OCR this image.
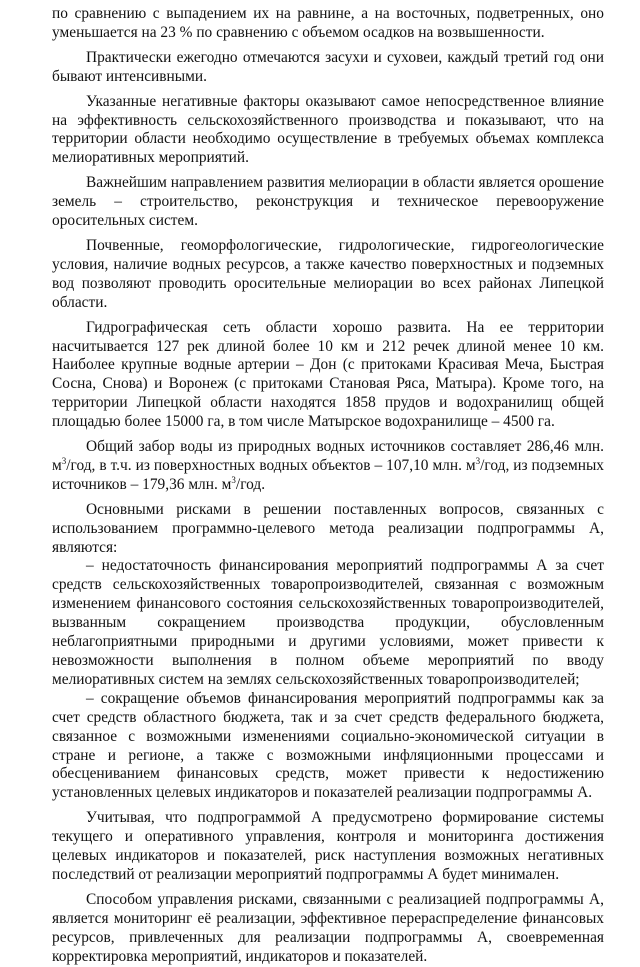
по сравнению с выпадением их на равнине, а на восточных, подветренных, оно уменьшается на 23 % по сравнению с объемом осадков на возвышенности.

Практически ежегодно отмечаются засухи и суховеи, каждый третий год они бывают интенсивными.

Указанные негативные факторы оказывают самое непосредственное влияние на эффективность сельскохозяйственного производства и показывают, что на территории области необходимо осуществление в требуемых объемах комплекса мелиоративных мероприятий.

Важнейшим направлением развития мелиорации в области является орошение земель – строительство, реконструкция и техническое перевооружение оросительных систем.

Почвенные, геоморфологические, гидрологические, гидрогеологические условия, наличие водных ресурсов, а также качество поверхностных и подземных вод позволяют проводить оросительные мелиорации во всех районах Липецкой области.

Гидрографическая сеть области хорошо развита. На ее территории насчитывается 127 рек длиной более 10 км и 212 речек длиной менее 10 км. Наиболее крупные водные артерии – Дон (с притоками Красивая Меча, Быстрая Сосна, Снова) и Воронеж (с притоками Становая Ряса, Матыра). Кроме того, на территории Липецкой области находятся 1858 прудов и водохранилищ общей площадью более 15000 га, в том числе Матырское водохранилище – 4500 га.

Общий забор воды из природных водных источников составляет 286,46 млн. $м^3$/год, в т.ч. из поверхностных водных объектов – 107,10 млн. $м^3$/год, из подземных источников – 179,36 млн. $м^3$/год.

Основными рисками в решении поставленных вопросов, связанных с использованием программно-целевого метода реализации подпрограммы А, являются:

– недостаточность финансирования мероприятий подпрограммы А за счет средств сельскохозяйственных товаропроизводителей, связанная с возможным изменением финансового состояния сельскохозяйственных товаропроизводителей, вызванным сокращением производства продукции, обусловленным неблагоприятными природными и другими условиями, может привести к невозможности выполнения в полном объеме мероприятий по вводу мелиоративных систем на землях сельскохозяйственных товаропроизводителей;

– сокращение объемов финансирования мероприятий подпрограммы как за счет средств областного бюджета, так и за счет средств федерального бюджета, связанное с возможными изменениями социально-экономической ситуации в стране и регионе, а также с возможными инфляционными процессами и обесцениванием финансовых средств, может привести к недостижению установленных целевых индикаторов и показателей реализации подпрограммы А.

Учитывая, что подпрограммой А предусмотрено формирование системы текущего и оперативного управления, контроля и мониторинга достижения целевых индикаторов и показателей, риск наступления возможных негативных последствий от реализации мероприятий подпрограммы А будет минимален.

Способом управления рисками, связанными с реализацией подпрограммы А, является мониторинг её реализации, эффективное перераспределение финансовых ресурсов, привлеченных для реализации подпрограммы А, своевременная корректировка мероприятий, индикаторов и показателей.
